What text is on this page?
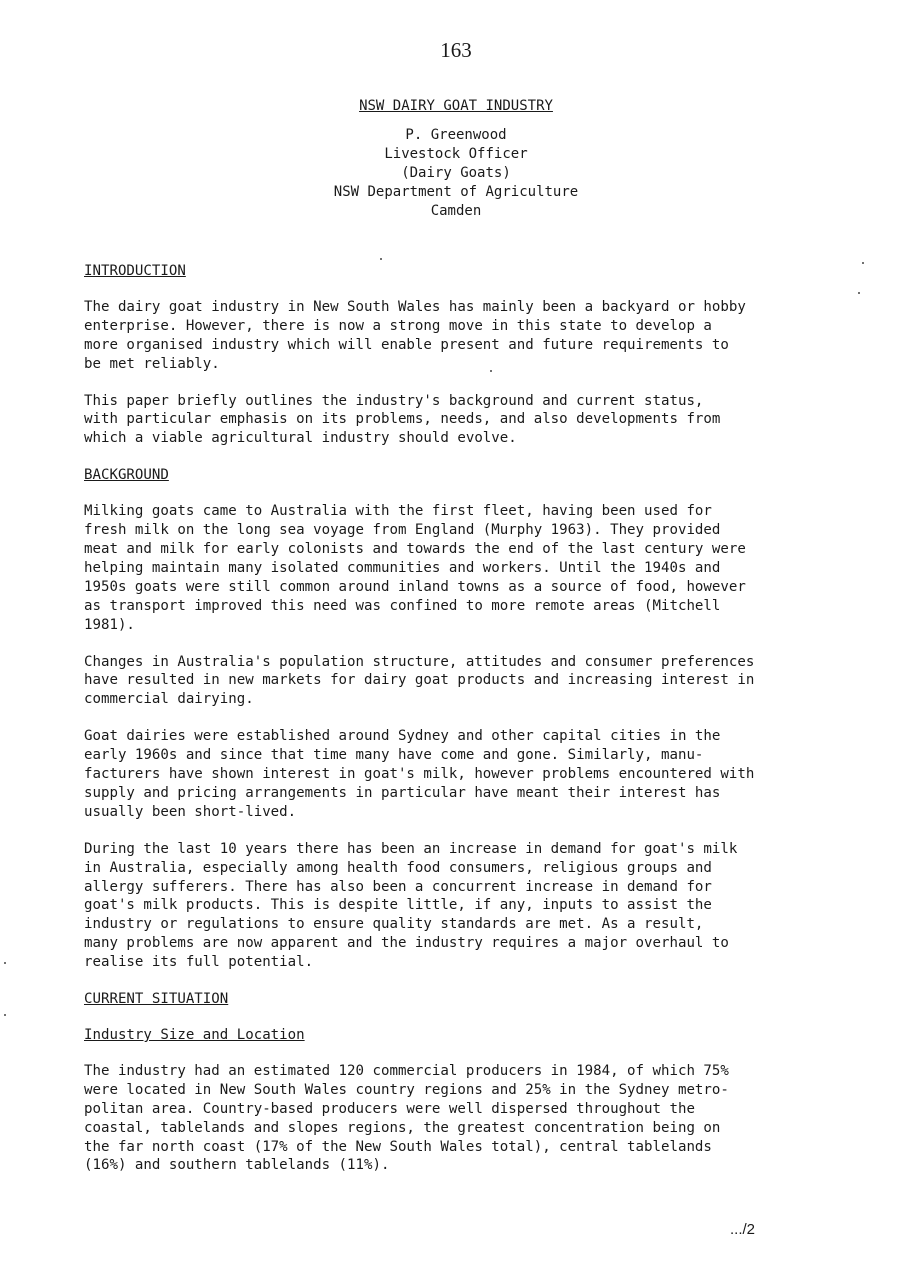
163
NSW DAIRY GOAT INDUSTRY
P. Greenwood
Livestock Officer
(Dairy Goats)
NSW Department of Agriculture
Camden
INTRODUCTION
The dairy goat industry in New South Wales has mainly been a backyard or hobby
enterprise. However, there is now a strong move in this state to develop a
more organised industry which will enable present and future requirements to
be met reliably.
This paper briefly outlines the industry's background and current status,
with particular emphasis on its problems, needs, and also developments from
which a viable agricultural industry should evolve.
BACKGROUND
Milking goats came to Australia with the first fleet, having been used for
fresh milk on the long sea voyage from England (Murphy 1963). They provided
meat and milk for early colonists and towards the end of the last century were
helping maintain many isolated communities and workers. Until the 1940s and
1950s goats were still common around inland towns as a source of food, however
as transport improved this need was confined to more remote areas (Mitchell
1981).
Changes in Australia's population structure, attitudes and consumer preferences
have resulted in new markets for dairy goat products and increasing interest in
commercial dairying.
Goat dairies were established around Sydney and other capital cities in the
early 1960s and since that time many have come and gone. Similarly, manu-
facturers have shown interest in goat's milk, however problems encountered with
supply and pricing arrangements in particular have meant their interest has
usually been short-lived.
During the last 10 years there has been an increase in demand for goat's milk
in Australia, especially among health food consumers, religious groups and
allergy sufferers. There has also been a concurrent increase in demand for
goat's milk products. This is despite little, if any, inputs to assist the
industry or regulations to ensure quality standards are met. As a result,
many problems are now apparent and the industry requires a major overhaul to
realise its full potential.
CURRENT SITUATION
Industry Size and Location
The industry had an estimated 120 commercial producers in 1984, of which 75%
were located in New South Wales country regions and 25% in the Sydney metro-
politan area. Country-based producers were well dispersed throughout the
coastal, tablelands and slopes regions, the greatest concentration being on
the far north coast (17% of the New South Wales total), central tablelands
(16%) and southern tablelands (11%).
.../2
